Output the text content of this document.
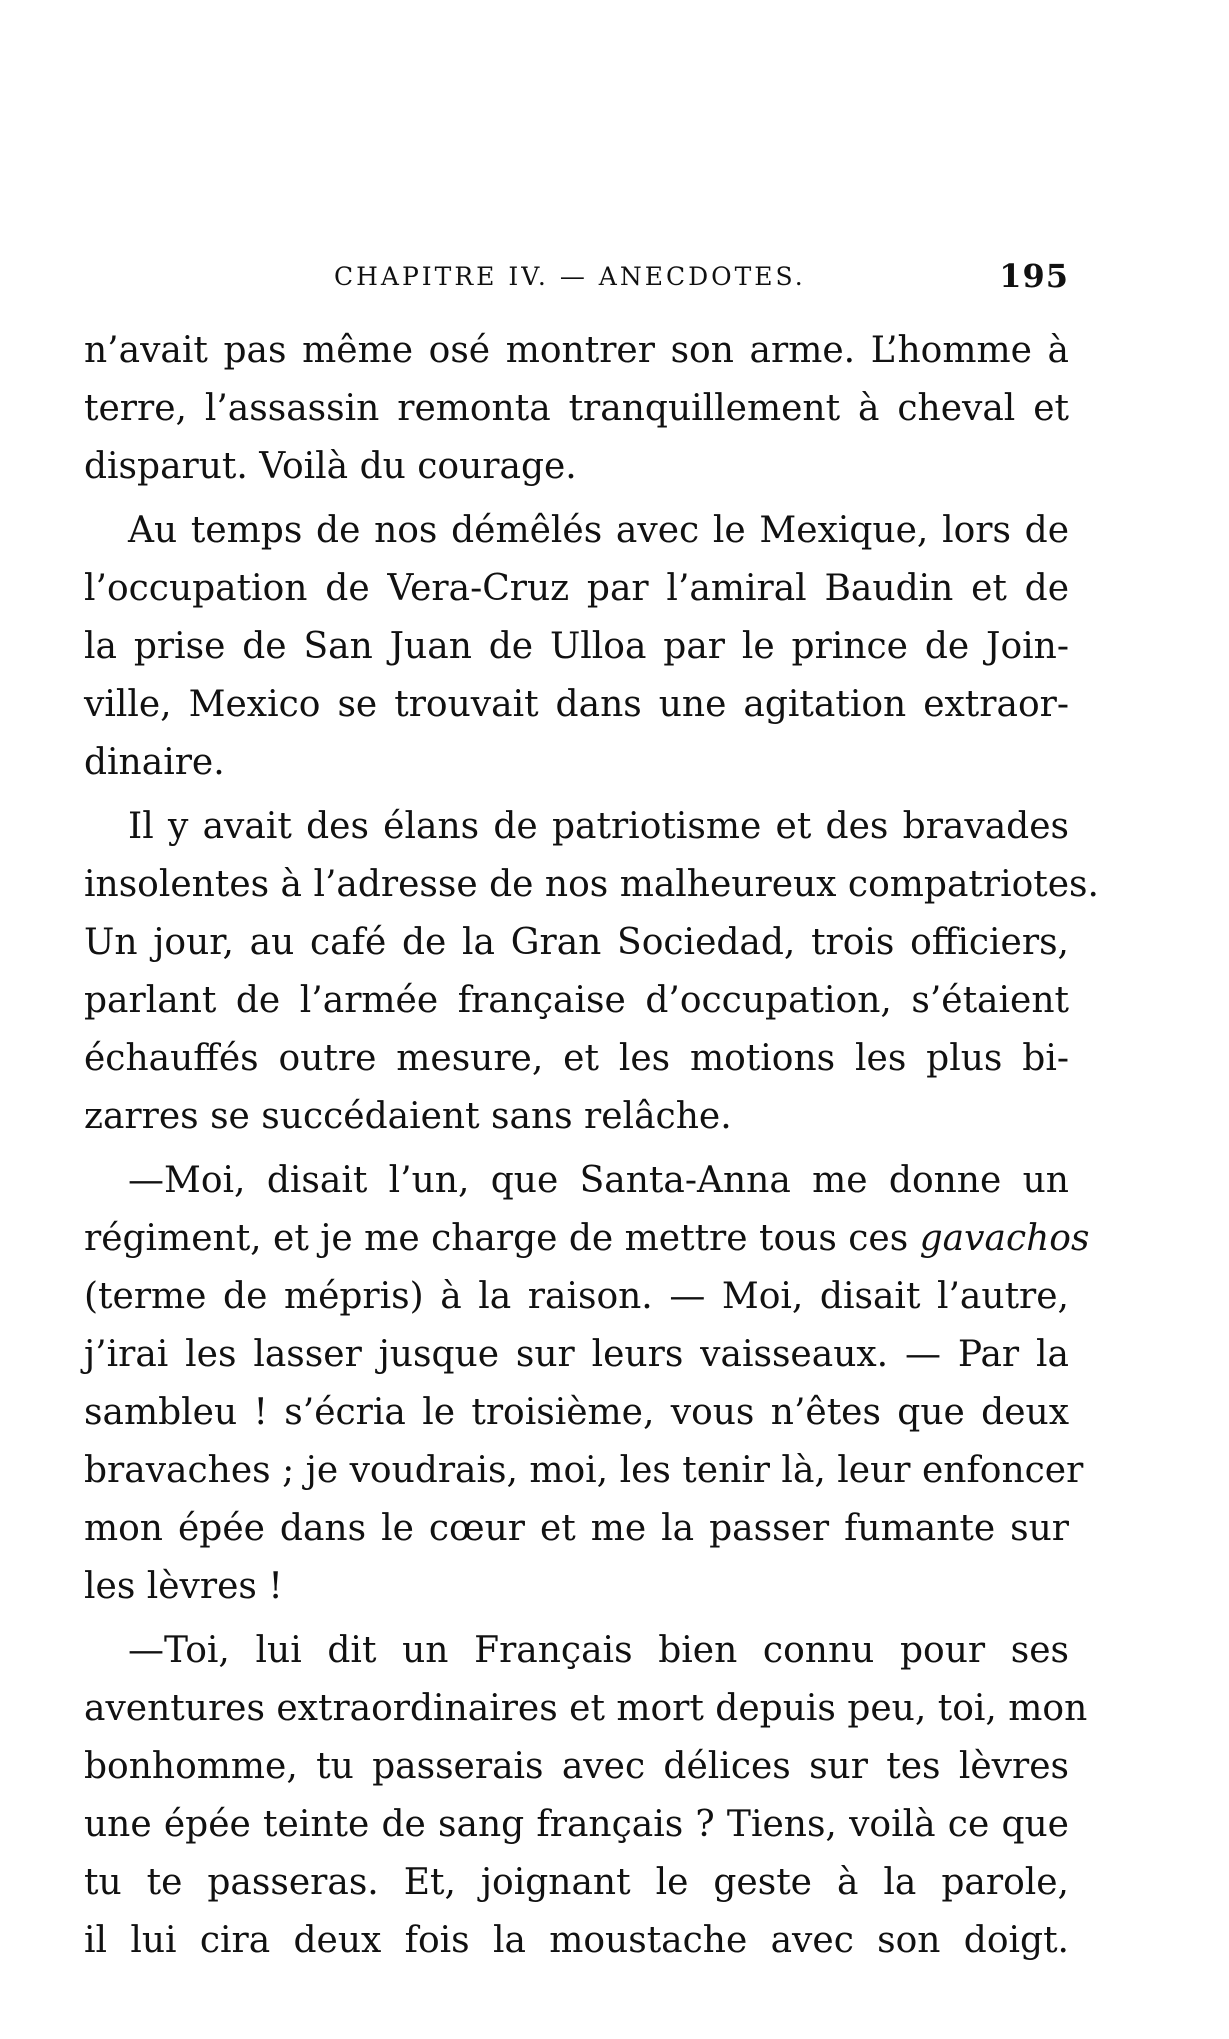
CHAPITRE IV. — ANECDOTES.	195
n’avait pas même osé montrer son arme. L’homme à
terre, l’assassin remonta tranquillement à cheval et
disparut. Voilà du courage.
Au temps de nos démêlés avec le Mexique, lors de
l’occupation de Vera-Cruz par l’amiral Baudin et de
la prise de San Juan de Ulloa par le prince de Join-
ville, Mexico se trouvait dans une agitation extraor-
dinaire.
Il y avait des élans de patriotisme et des bravades
insolentes à l’adresse de nos malheureux compatriotes.
Un jour, au café de la Gran Sociedad, trois officiers,
parlant de l’armée française d’occupation, s’étaient
échauffés outre mesure, et les motions les plus bi-
zarres se succédaient sans relâche.
—Moi, disait l’un, que Santa-Anna me donne un
régiment, et je me charge de mettre tous ces gavachos
(terme de mépris) à la raison. — Moi, disait l’autre,
j’irai les lasser jusque sur leurs vaisseaux. — Par la
sambleu ! s’écria le troisième, vous n’êtes que deux
bravaches ; je voudrais, moi, les tenir là, leur enfoncer
mon épée dans le cœur et me la passer fumante sur
les lèvres !
—Toi, lui dit un Français bien connu pour ses
aventures extraordinaires et mort depuis peu, toi, mon
bonhomme, tu passerais avec délices sur tes lèvres
une épée teinte de sang français ? Tiens, voilà ce que
tu te passeras. Et, joignant le geste à la parole,
il lui cira deux fois la moustache avec son doigt.
